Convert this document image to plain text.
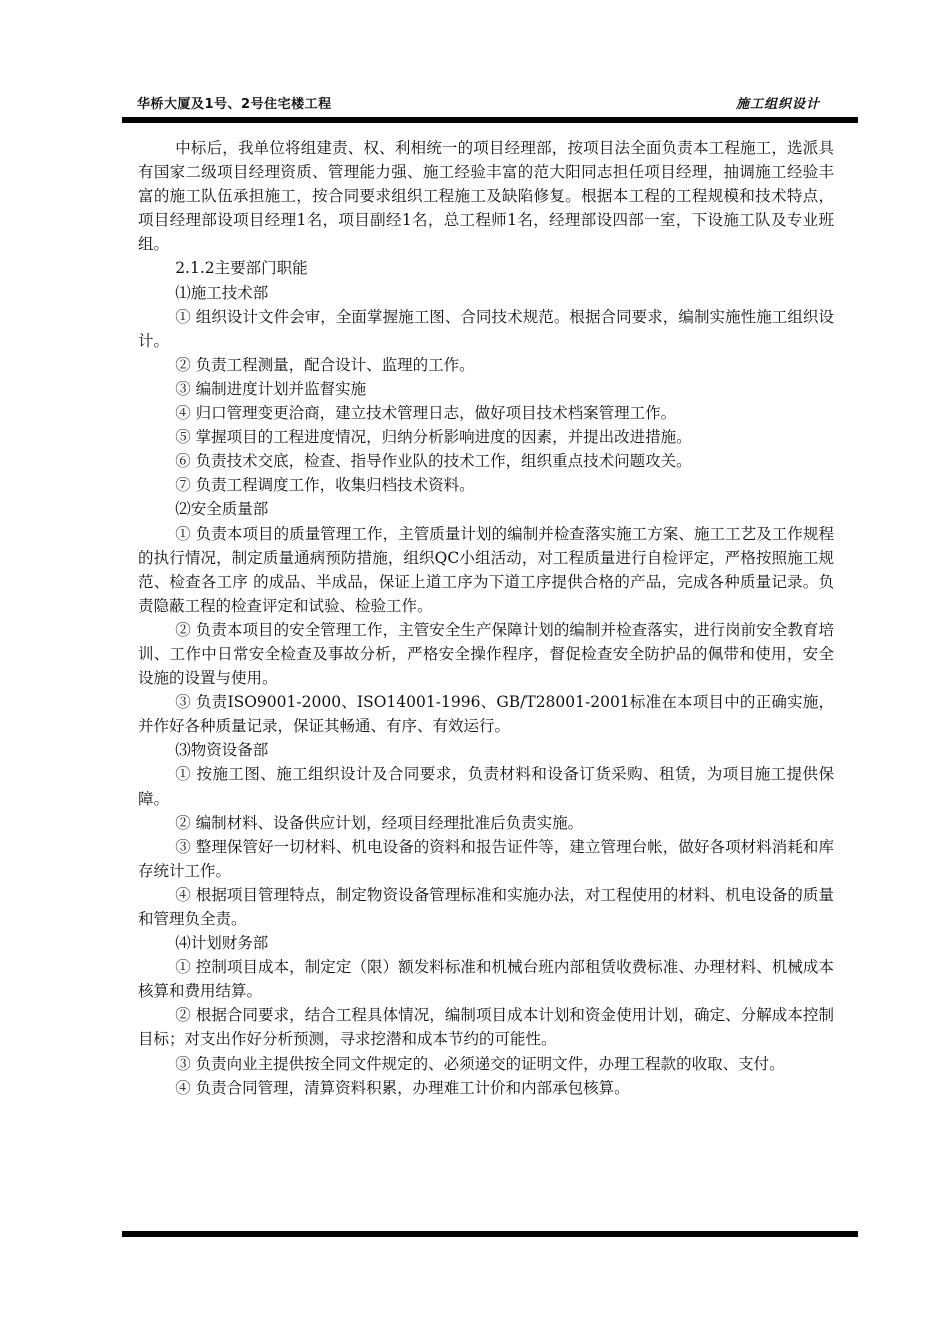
华桥大厦及1号、2号住宅楼工程	施工组织设计

中标后，我单位将组建责、权、利相统一的项目经理部，按项目法全面负责本工程施工，选派具有国家二级项目经理资质、管理能力强、施工经验丰富的范大阳同志担任项目经理，抽调施工经验丰富的施工队伍承担施工，按合同要求组织工程施工及缺陷修复。根据本工程的工程规模和技术特点，项目经理部设项目经理1名，项目副经1名，总工程师1名，经理部设四部一室，下设施工队及专业班组。

2.1.2主要部门职能

⑴施工技术部

① 组织设计文件会审，全面掌握施工图、合同技术规范。根据合同要求，编制实施性施工组织设计。

② 负责工程测量，配合设计、监理的工作。

③ 编制进度计划并监督实施

④ 归口管理变更洽商，建立技术管理日志，做好项目技术档案管理工作。

⑤ 掌握项目的工程进度情况，归纳分析影响进度的因素，并提出改进措施。

⑥ 负责技术交底，检查、指导作业队的技术工作，组织重点技术问题攻关。

⑦ 负责工程调度工作，收集归档技术资料。

⑵安全质量部

① 负责本项目的质量管理工作，主管质量计划的编制并检查落实施工方案、施工工艺及工作规程的执行情况，制定质量通病预防措施，组织QC小组活动，对工程质量进行自检评定，严格按照施工规范、检查各工序 的成品、半成品，保证上道工序为下道工序提供合格的产品，完成各种质量记录。负责隐蔽工程的检查评定和试验、检验工作。

② 负责本项目的安全管理工作，主管安全生产保障计划的编制并检查落实，进行岗前安全教育培训、工作中日常安全检查及事故分析，严格安全操作程序，督促检查安全防护品的佩带和使用，安全设施的设置与使用。

③ 负责ISO9001-2000、ISO14001-1996、GB/T28001-2001标准在本项目中的正确实施，并作好各种质量记录，保证其畅通、有序、有效运行。

⑶物资设备部

① 按施工图、施工组织设计及合同要求，负责材料和设备订货采购、租赁，为项目施工提供保障。

② 编制材料、设备供应计划，经项目经理批准后负责实施。

③ 整理保管好一切材料、机电设备的资料和报告证件等，建立管理台帐，做好各项材料消耗和库存统计工作。

④ 根据项目管理特点，制定物资设备管理标准和实施办法，对工程使用的材料、机电设备的质量和管理负全责。

⑷计划财务部

① 控制项目成本，制定定（限）额发料标准和机械台班内部租赁收费标准、办理材料、机械成本核算和费用结算。

② 根据合同要求，结合工程具体情况，编制项目成本计划和资金使用计划，确定、分解成本控制目标；对支出作好分析预测，寻求挖潜和成本节约的可能性。

③ 负责向业主提供按全同文件规定的、必须递交的证明文件，办理工程款的收取、支付。

④ 负责合同管理，清算资料积累，办理难工计价和内部承包核算。
